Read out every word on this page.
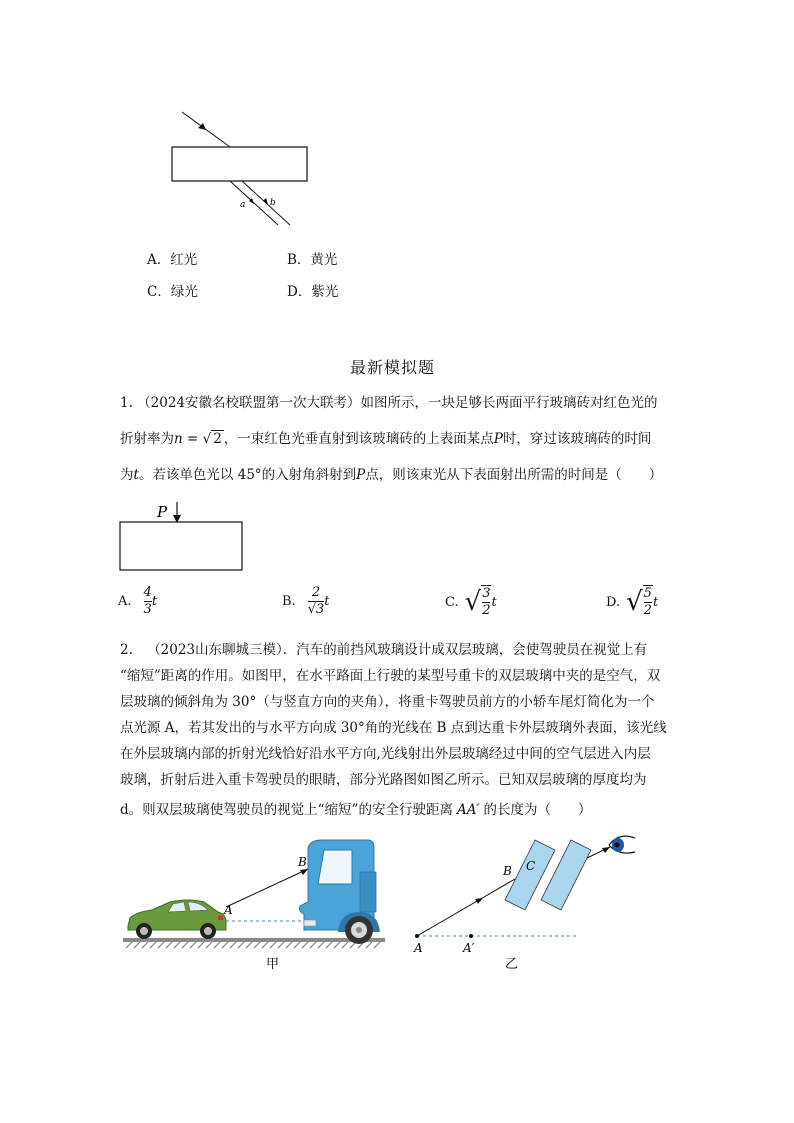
a	b
A．红光	B．黄光
C．绿光	D．紫光
最新模拟题
1. （2024安徽名校联盟第一次大联考）如图所示，一块足够长两面平行玻璃砖对红色光的
折射率为n = √ 2 ，一束红色光垂直射到该玻璃砖的上表面某点P时，穿过该玻璃砖的时间
为t。若该单色光以 45°的入射角斜射到P点，则该束光从下表面射出所需的时间是（　　）
P
A. $\frac{4}{3}$ t	B. $\frac{2}{√3}$ t	C. √ $\frac{3}{2}$ t	D. √ $\frac{5}{2}$ t
2. （2023山东聊城三模）．汽车的前挡风玻璃设计成双层玻璃，会使驾驶员在视觉上有
“缩短”距离的作用。如图甲，在水平路面上行驶的某型号重卡的双层玻璃中夹的是空气，双
层玻璃的倾斜角为 30°（与竖直方向的夹角），将重卡驾驶员前方的小轿车尾灯简化为一个
点光源 A，若其发出的与水平方向成 30°角的光线在 B 点到达重卡外层玻璃外表面，该光线
在外层玻璃内部的折射光线恰好沿水平方向,光线射出外层玻璃经过中间的空气层进入内层
玻璃，折射后进入重卡驾驶员的眼睛，部分光路图如图乙所示。已知双层玻璃的厚度均为
d。则双层玻璃使驾驶员的视觉上“缩短”的安全行驶距离 AA′ 的长度为（　　）
A
B
甲
A	A′
B C
乙
